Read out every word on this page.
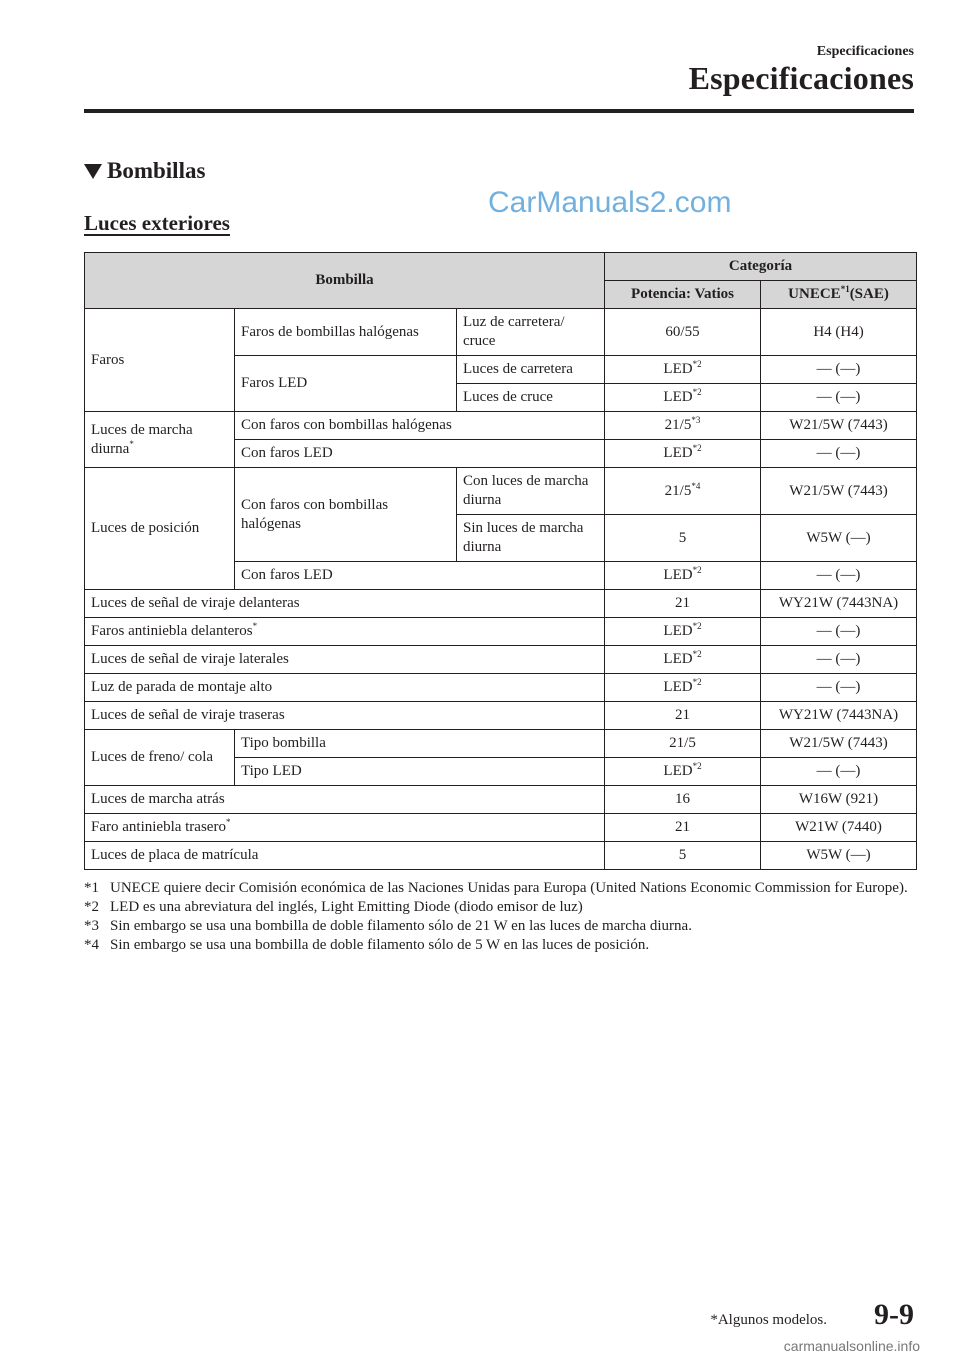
Especificaciones
Especificaciones
Bombillas
Luces exteriores
CarManuals2.com
Bombilla			Categoría	
			Potencia: Vatios	UNECE$^{*1}$(SAE)
Faros	Faros de bombillas halógenas	Luz de carretera/ cruce	60/55	H4 (H4)
	Faros LED	Luces de carretera	LED$^{*2}$	— (—)
		Luces de cruce	LED$^{*2}$	— (—)
Luces de marcha diurna*	Con faros con bombillas halógenas		21/5$^{*3}$	W21/5W (7443)
	Con faros LED		LED$^{*2}$	— (—)
Luces de posición	Con faros con bombillas halógenas	Con luces de marcha diurna	21/5$^{*4}$	W21/5W (7443)
		Sin luces de marcha diurna	5	W5W (—)
	Con faros LED		LED$^{*2}$	— (—)
Luces de señal de viraje delanteras			21	WY21W (7443NA)
Faros antiniebla delanteros*			LED$^{*2}$	— (—)
Luces de señal de viraje laterales			LED$^{*2}$	— (—)
Luz de parada de montaje alto			LED$^{*2}$	— (—)
Luces de señal de viraje traseras			21	WY21W (7443NA)
Luces de freno/ cola	Tipo bombilla		21/5	W21/5W (7443)
	Tipo LED		LED$^{*2}$	— (—)
Luces de marcha atrás			16	W16W (921)
Faro antiniebla trasero*			21	W21W (7440)
Luces de placa de matrícula			5	W5W (—)
*1 UNECE quiere decir Comisión económica de las Naciones Unidas para Europa (United Nations Economic Commission for Europe).
*2 LED es una abreviatura del inglés, Light Emitting Diode (diodo emisor de luz)
*3 Sin embargo se usa una bombilla de doble filamento sólo de 21 W en las luces de marcha diurna.
*4 Sin embargo se usa una bombilla de doble filamento sólo de 5 W en las luces de posición.
*Algunos modelos. 9-9
carmanualsonline.info
